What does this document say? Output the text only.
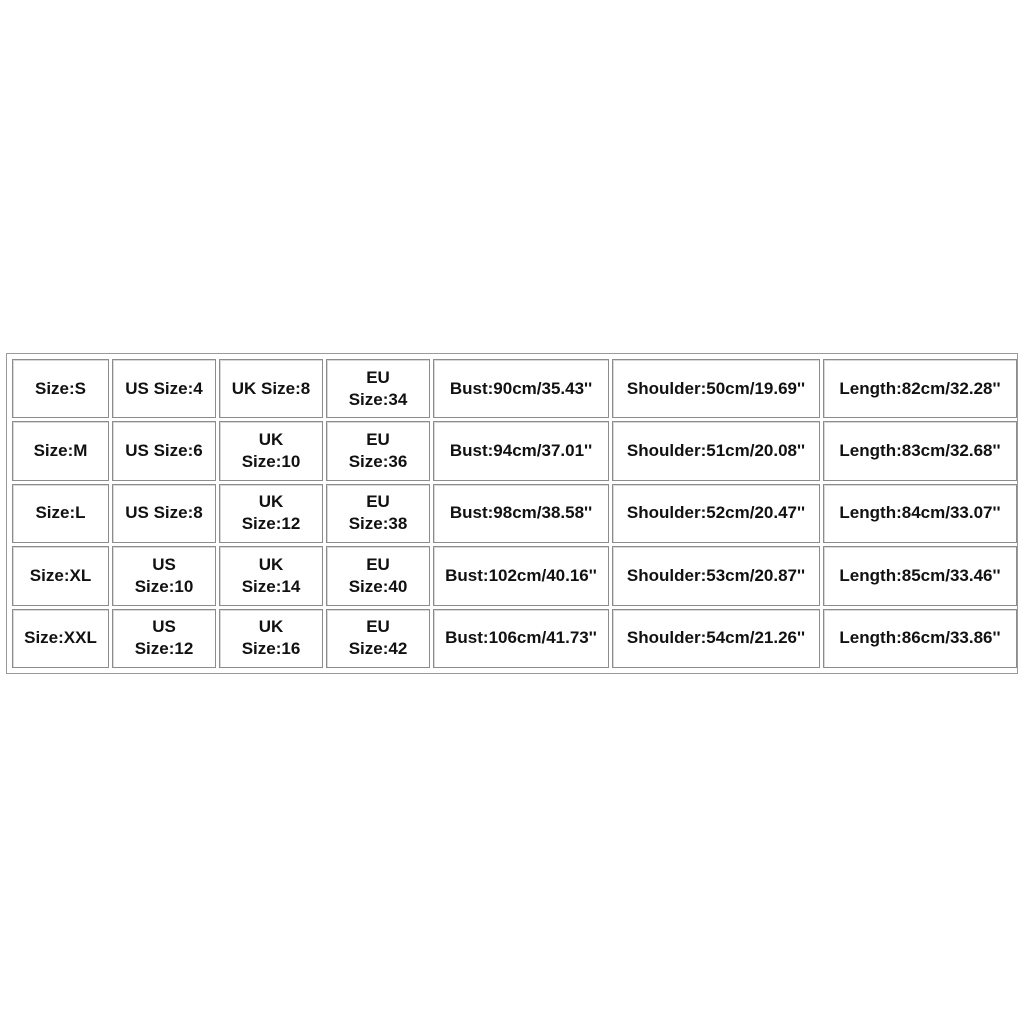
Size:S	US Size:4	UK Size:8	EU Size:34	Bust:90cm/35.43''	Shoulder:50cm/19.69''	Length:82cm/32.28''
Size:M	US Size:6	UK Size:10	EU Size:36	Bust:94cm/37.01''	Shoulder:51cm/20.08''	Length:83cm/32.68''
Size:L	US Size:8	UK Size:12	EU Size:38	Bust:98cm/38.58''	Shoulder:52cm/20.47''	Length:84cm/33.07''
Size:XL	US Size:10	UK Size:14	EU Size:40	Bust:102cm/40.16''	Shoulder:53cm/20.87''	Length:85cm/33.46''
Size:XXL	US Size:12	UK Size:16	EU Size:42	Bust:106cm/41.73''	Shoulder:54cm/21.26''	Length:86cm/33.86''
